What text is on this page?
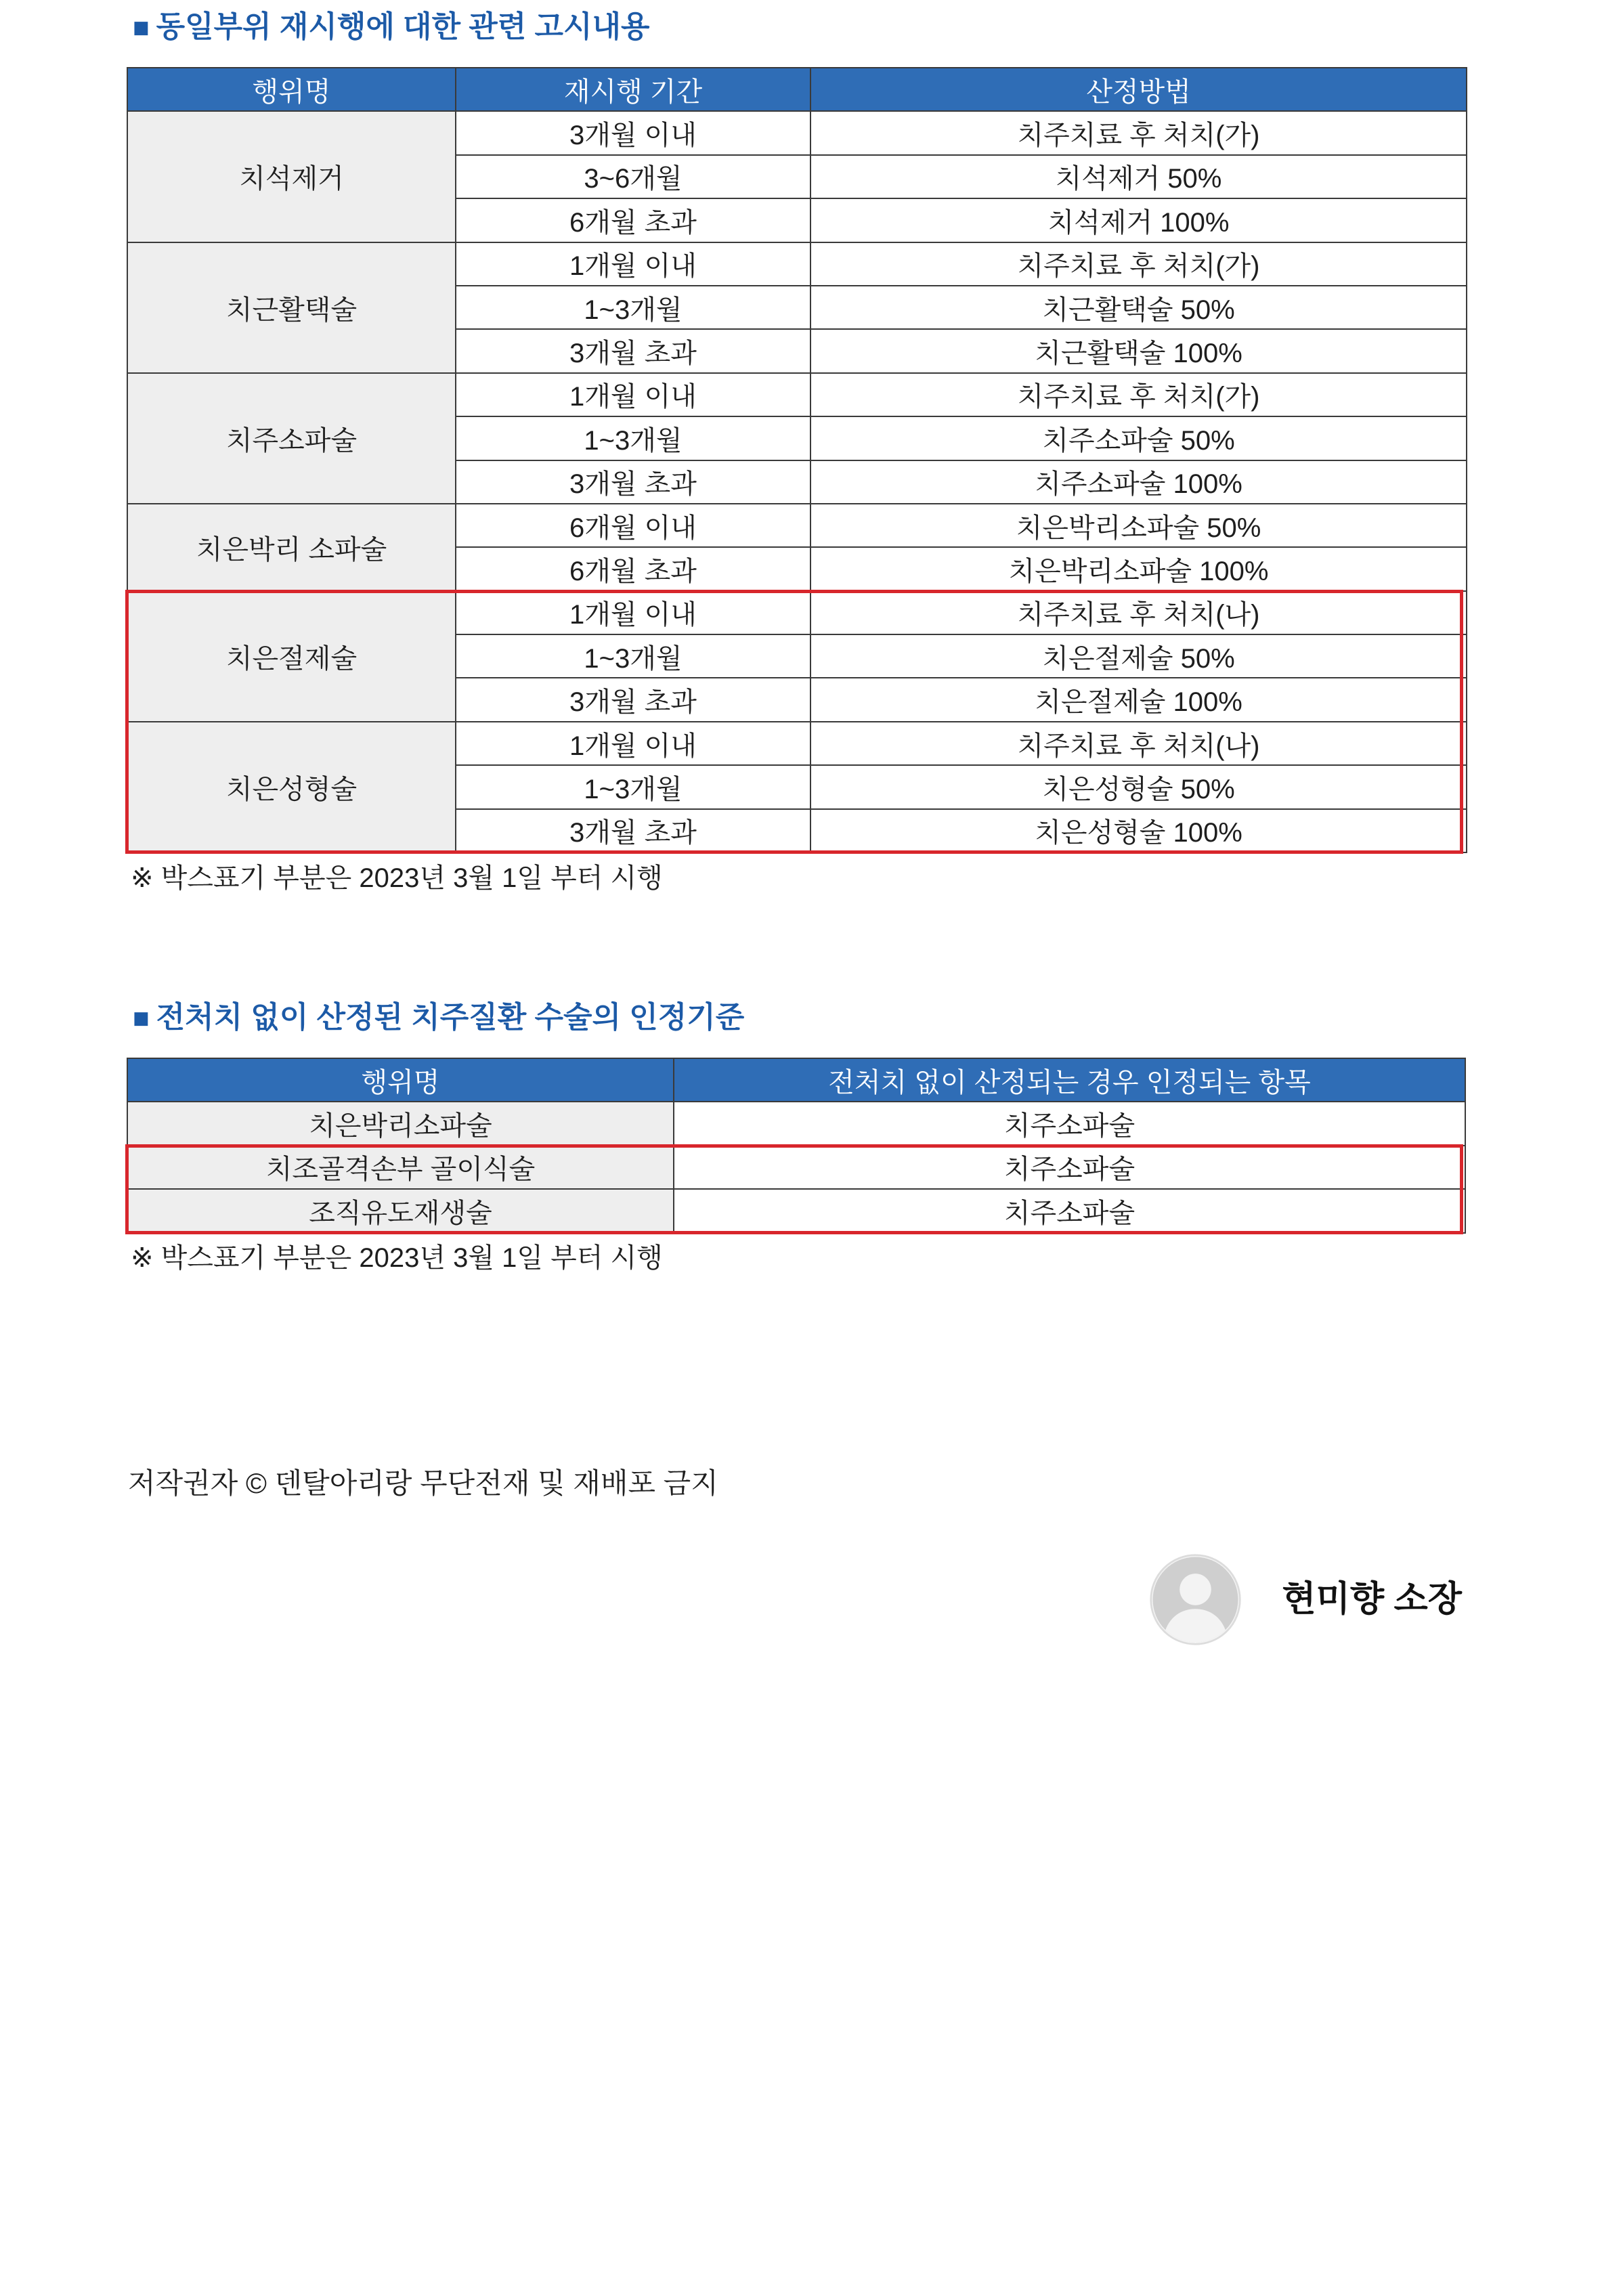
■ 동일부위 재시행에 대한 관련 고시내용
행위명	재시행 기간	산정방법
치석제거	3개월 이내	치주치료 후 처치(가)
	3~6개월	치석제거 50%
	6개월 초과	치석제거 100%
치근활택술	1개월 이내	치주치료 후 처치(가)
	1~3개월	치근활택술 50%
	3개월 초과	치근활택술 100%
치주소파술	1개월 이내	치주치료 후 처치(가)
	1~3개월	치주소파술 50%
	3개월 초과	치주소파술 100%
치은박리 소파술	6개월 이내	치은박리소파술 50%
	6개월 초과	치은박리소파술 100%
치은절제술	1개월 이내	치주치료 후 처치(나)
	1~3개월	치은절제술 50%
	3개월 초과	치은절제술 100%
치은성형술	1개월 이내	치주치료 후 처치(나)
	1~3개월	치은성형술 50%
	3개월 초과	치은성형술 100%
※ 박스표기 부분은 2023년 3월 1일 부터 시행
■ 전처치 없이 산정된 치주질환 수술의 인정기준
행위명	전처치 없이 산정되는 경우 인정되는 항목
치은박리소파술	치주소파술
치조골격손부 골이식술	치주소파술
조직유도재생술	치주소파술
※ 박스표기 부분은 2023년 3월 1일 부터 시행
저작권자 © 덴탈아리랑 무단전재 및 재배포 금지
현미향 소장
